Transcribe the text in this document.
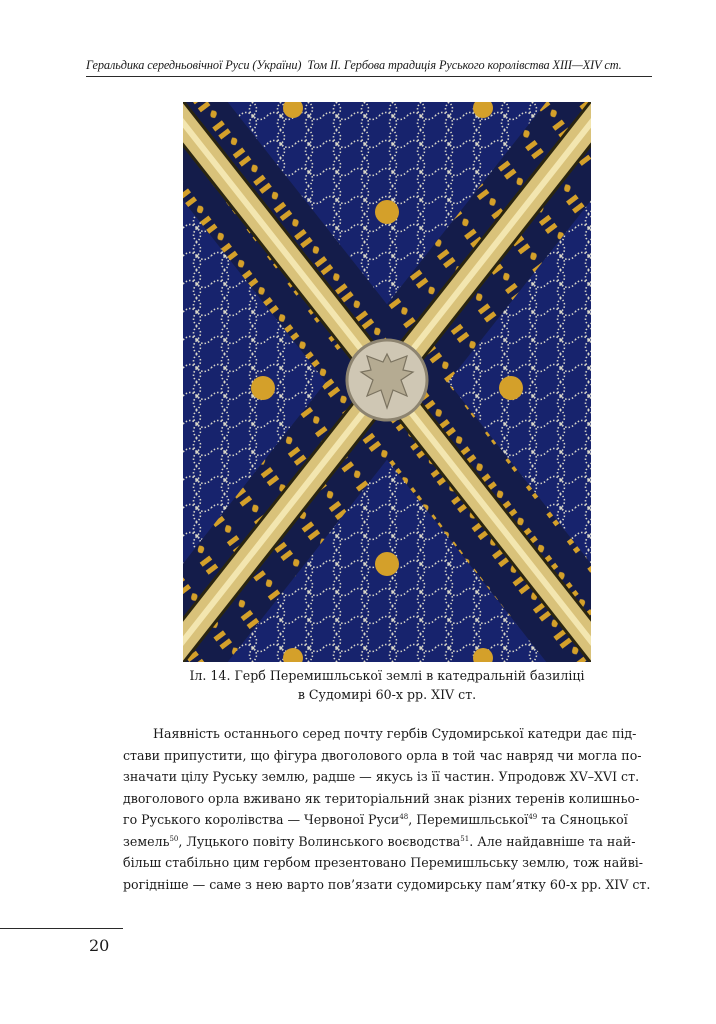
Геральдика середньовічної Руси (України) Том II. Гербова традиція Руського королівства XIII—XIV ст.
Іл. 14. Герб Перемишльської землі в катедральній базиліці
в Судомирі 60-х рр. XIV ст.

Наявність останнього серед почту гербів Судомирської катедри дає під-

стави припустити, що фігура двоголового орла в той час навряд чи могла по-

значати цілу Руську землю, радше — якусь із її частин. Упродовж XV–XVI ст.

двоголового орла вживано як територіальний знак різних теренів колишньо-

го Руського королівства — Червоної Руси$^{48}$, Перемишльської$^{49}$ та Сяноцької

земель$^{50}$, Луцького повіту Волинського воєводства$^{51}$. Але найдавніше та най-

більш стабільно цим гербом презентовано Перемишльську землю, тож найві-

рогідніше — саме з нею варто пов’язати судомирську пам’ятку 60-х рр. XIV ст.

20
